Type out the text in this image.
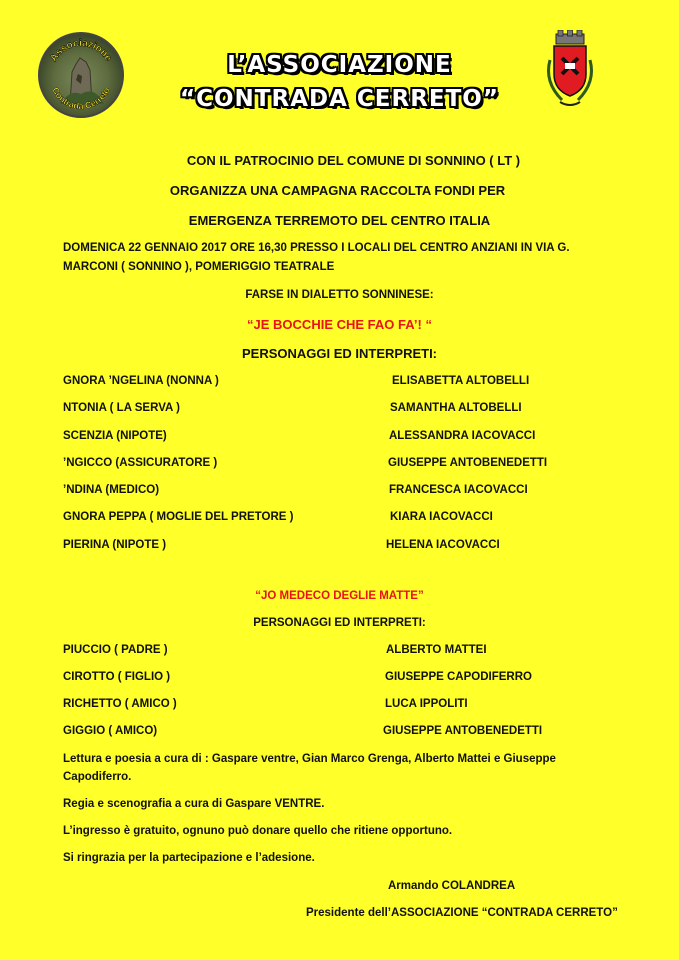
Associazione
Contrada Cerreto
L’ASSOCIAZIONE
“CONTRADA CERRETO”
CON IL PATROCINIO DEL COMUNE DI SONNINO ( LT )
ORGANIZZA UNA CAMPAGNA RACCOLTA FONDI PER
EMERGENZA TERREMOTO DEL CENTRO ITALIA
DOMENICA 22 GENNAIO 2017 ORE 16,30 PRESSO I LOCALI DEL CENTRO ANZIANI IN VIA G.
MARCONI ( SONNINO ), POMERIGGIO TEATRALE
FARSE IN DIALETTO SONNINESE:
“JE BOCCHIE CHE FAO FA’! “
PERSONAGGI ED INTERPRETI:
GNORA ’NGELINA (NONNA )	ELISABETTA ALTOBELLI
NTONIA ( LA SERVA )	SAMANTHA ALTOBELLI
SCENZIA (NIPOTE)	ALESSANDRA IACOVACCI
’NGICCO (ASSICURATORE )	GIUSEPPE ANTOBENEDETTI
’NDINA (MEDICO)	FRANCESCA IACOVACCI
GNORA PEPPA ( MOGLIE DEL PRETORE )	KIARA IACOVACCI
PIERINA (NIPOTE )	HELENA IACOVACCI
“JO MEDECO DEGLIE MATTE”
PERSONAGGI ED INTERPRETI:
PIUCCIO ( PADRE )	ALBERTO MATTEI
CIROTTO ( FIGLIO )	GIUSEPPE CAPODIFERRO
RICHETTO ( AMICO )	LUCA IPPOLITI
GIGGIO ( AMICO)	GIUSEPPE ANTOBENEDETTI
Lettura e poesia a cura di : Gaspare ventre, Gian Marco Grenga, Alberto Mattei e Giuseppe
Capodiferro.
Regia e scenografia a cura di Gaspare VENTRE.
L’ingresso è gratuito, ognuno può donare quello che ritiene opportuno.
Si ringrazia per la partecipazione e l’adesione.
Armando COLANDREA
Presidente dell’ASSOCIAZIONE “CONTRADA CERRETO”
